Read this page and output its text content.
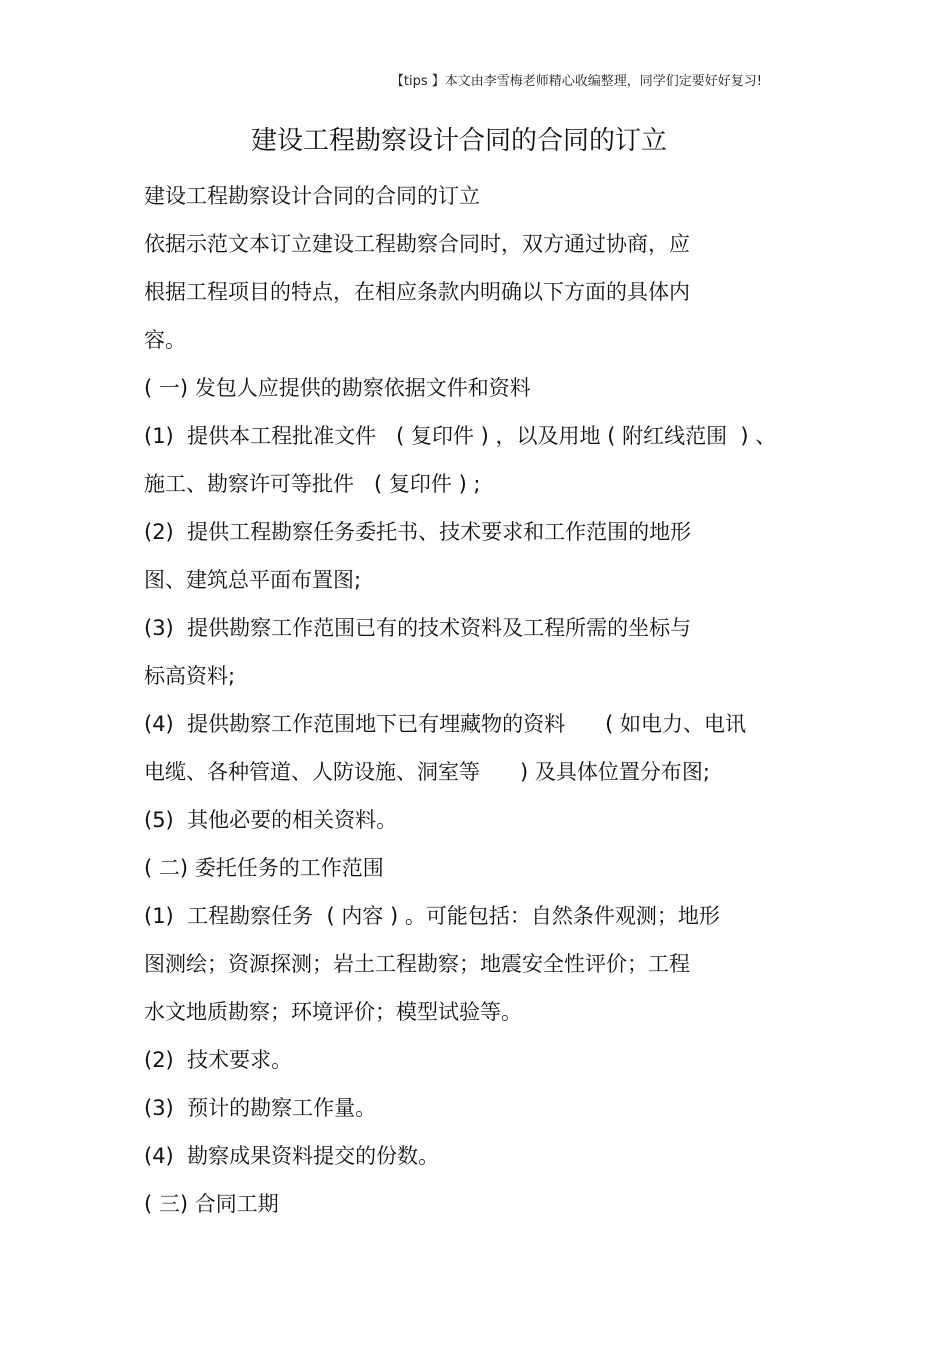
【tips 】本文由李雪梅老师精心收编整理，同学们定要好好复习!
建设工程勘察设计合同的合同的订立
建设工程勘察设计合同的合同的订立
依据示范文本订立建设工程勘察合同时，双方通过协商，应
根据工程项目的特点，在相应条款内明确以下方面的具体内
容。
( 一) 发包人应提供的勘察依据文件和资料
(1)  提供本工程批准文件   ( 复印件 ) ，以及用地 ( 附红线范围  ) 、
施工、勘察许可等批件   ( 复印件 ) ;
(2)  提供工程勘察任务委托书、技术要求和工作范围的地形
图、建筑总平面布置图;
(3)  提供勘察工作范围已有的技术资料及工程所需的坐标与
标高资料;
(4)  提供勘察工作范围地下已有埋藏物的资料      ( 如电力、电讯
电缆、各种管道、人防设施、洞室等      ) 及具体位置分布图;
(5)  其他必要的相关资料。
( 二) 委托任务的工作范围
(1)  工程勘察任务  ( 内容 ) 。可能包括：自然条件观测；地形
图测绘；资源探测；岩土工程勘察；地震安全性评价；工程
水文地质勘察；环境评价；模型试验等。
(2)  技术要求。
(3)  预计的勘察工作量。
(4)  勘察成果资料提交的份数。
( 三) 合同工期
